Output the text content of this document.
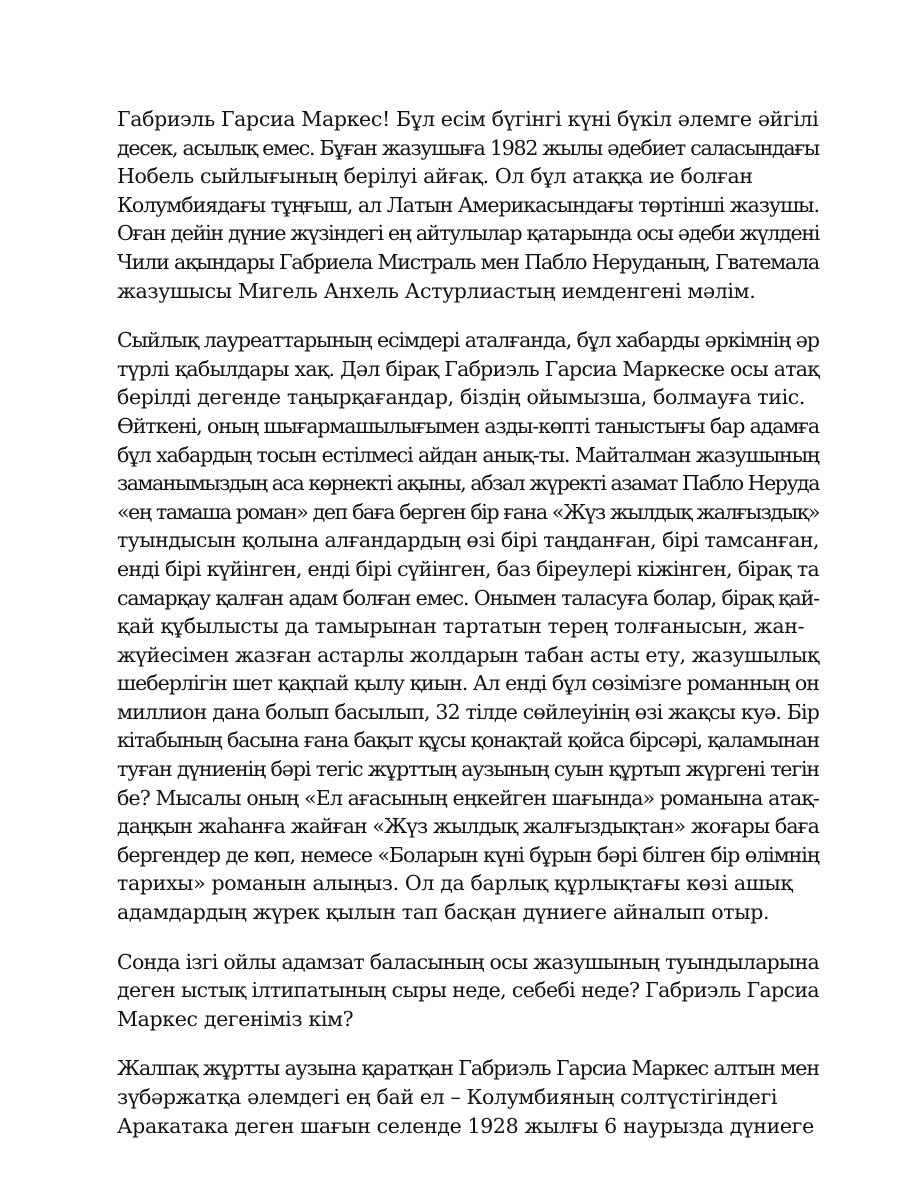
Габриэль Гарсиа Маркес! Бұл есім бүгінгі күні бүкіл әлемге әйгілі
десек, асылық емес. Бұған жазушыға 1982 жылы әдебиет саласындағы
Нобель сыйлығының берілуі айғақ. Ол бұл атаққа ие болған
Колумбиядағы тұңғыш, ал Латын Америкасындағы төртінші жазушы.
Оған дейін дүние жүзіндегі ең айтулылар қатарында осы әдеби жүлдені
Чили ақындары Габриела Мистраль мен Пабло Неруданың, Гватемала
жазушысы Мигель Анхель Астурлиастың иемденгені мәлім.

Сыйлық лауреаттарының есімдері аталғанда, бұл хабарды әркімнің әр
түрлі қабылдары хақ. Дәл бірақ Габриэль Гарсиа Маркеске осы атақ
берілді дегенде таңырқағандар, біздің ойымызша, болмауға тиіс.
Өйткені, оның шығармашылығымен азды-көпті таныстығы бар адамға
бұл хабардың тосын естілмесі айдан анық-ты. Майталман жазушының
заманымыздың аса көрнекті ақыны, абзал жүректі азамат Пабло Неруда
«ең тамаша роман» деп баға берген бір ғана «Жүз жылдық жалғыздық»
туындысын қолына алғандардың өзі бірі таңданған, бірі тамсанған,
енді бірі күйінген, енді бірі сүйінген, баз біреулері кіжінген, бірақ та
самарқау қалған адам болған емес. Онымен таласуға болар, бірақ қай-
қай құбылысты да тамырынан тартатын терең толғанысын, жан-
жүйесімен жазған астарлы жолдарын табан асты ету, жазушылық
шеберлігін шет қақпай қылу қиын. Ал енді бұл сөзімізге романның он
миллион дана болып басылып, 32 тілде сөйлеуінің өзі жақсы куә. Бір
кітабының басына ғана бақыт құсы қонақтай қойса бірсәрі, қаламынан
туған дүниенің бәрі тегіс жұрттың аузының суын құртып жүргені тегін
бе? Мысалы оның «Ел ағасының еңкейген шағында» романына атақ-
даңқын жаһанға жайған «Жүз жылдық жалғыздықтан» жоғары баға
бергендер де көп, немесе «Боларын күні бұрын бәрі білген бір өлімнің
тарихы» романын алыңыз. Ол да барлық құрлықтағы көзі ашық
адамдардың жүрек қылын тап басқан дүниеге айналып отыр.

Сонда ізгі ойлы адамзат баласының осы жазушының туындыларына
деген ыстық ілтипатының сыры неде, себебі неде? Габриэль Гарсиа
Маркес дегеніміз кім?

Жалпақ жұртты аузына қаратқан Габриэль Гарсиа Маркес алтын мен
зүбәржатқа әлемдегі ең бай ел – Колумбияның солтүстігіндегі
Аракатака деген шағын селенде 1928 жылғы 6 наурызда дүниеге
